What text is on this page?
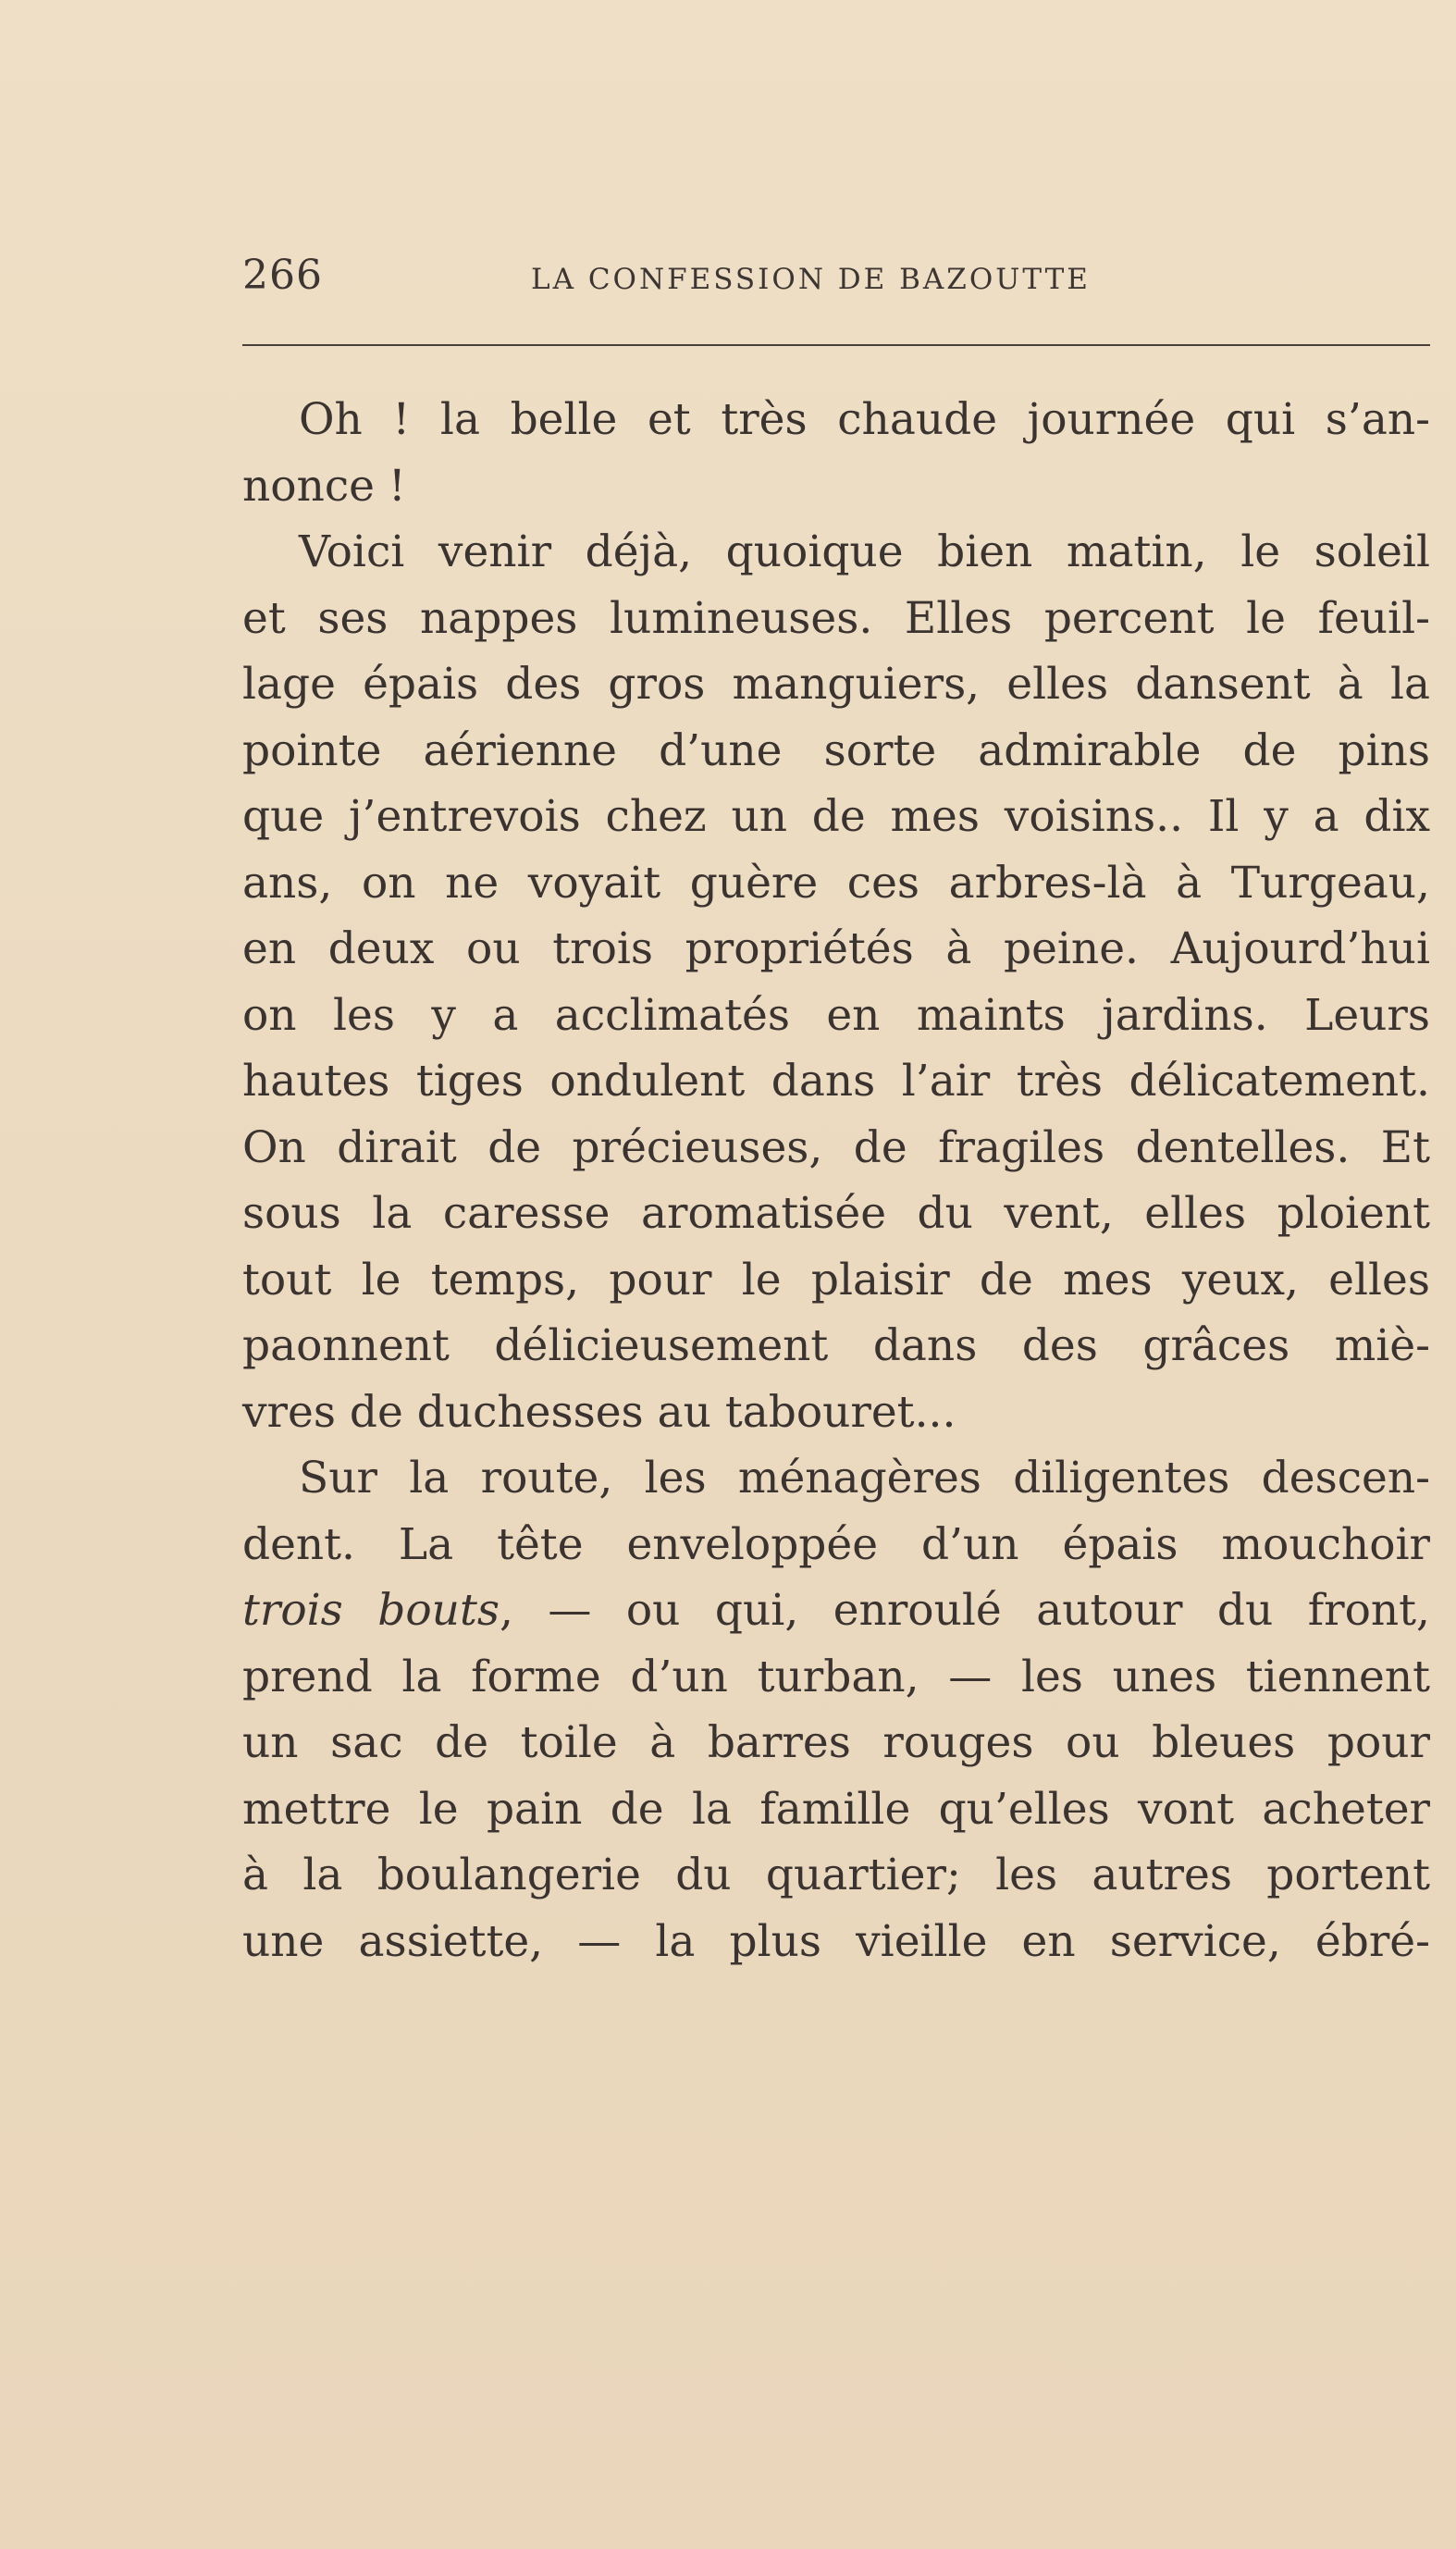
266	LA CONFESSION DE BAZOUTTE
Oh ! la belle et très chaude journée qui s’an-
nonce !
Voici venir déjà, quoique bien matin, le soleil
et ses nappes lumineuses. Elles percent le feuil-
lage épais des gros manguiers, elles dansent à la
pointe aérienne d’une sorte admirable de pins
que j’entrevois chez un de mes voisins.. Il y a dix
ans, on ne voyait guère ces arbres-là à Turgeau,
en deux ou trois propriétés à peine. Aujourd’hui
on les y a acclimatés en maints jardins. Leurs
hautes tiges ondulent dans l’air très délicatement.
On dirait de précieuses, de fragiles dentelles. Et
sous la caresse aromatisée du vent, elles ploient
tout le temps, pour le plaisir de mes yeux, elles
paonnent délicieusement dans des grâces miè-
vres de duchesses au tabouret...
Sur la route, les ménagères diligentes descen-
dent. La tête enveloppée d’un épais mouchoir
trois bouts, — ou qui, enroulé autour du front,
prend la forme d’un turban, — les unes tiennent
un sac de toile à barres rouges ou bleues pour
mettre le pain de la famille qu’elles vont acheter
à la boulangerie du quartier; les autres portent
une assiette, — la plus vieille en service, ébré-
